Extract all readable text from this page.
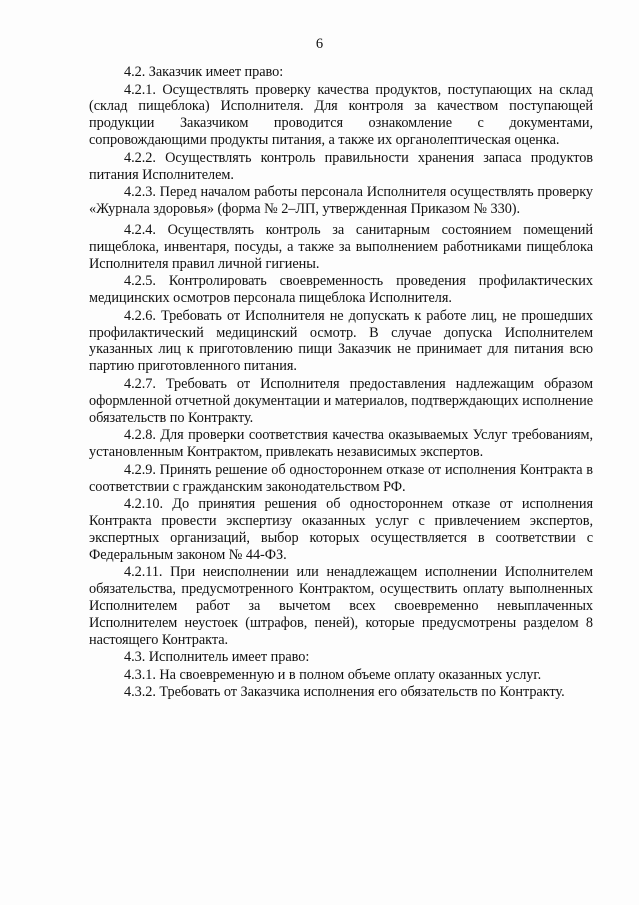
6

4.2. Заказчик имеет право:

4.2.1. Осуществлять проверку качества продуктов, поступающих на склад (склад пищеблока) Исполнителя. Для контроля за качеством поступающей продукции Заказчиком проводится ознакомление с документами, сопровождающими продукты питания, а также их органолептическая оценка.

4.2.2. Осуществлять контроль правильности хранения запаса продуктов питания Исполнителем.

4.2.3. Перед началом работы персонала Исполнителя осуществлять проверку «Журнала здоровья» (форма № 2–ЛП, утвержденная Приказом № 330).

4.2.4. Осуществлять контроль за санитарным состоянием помещений пищеблока, инвентаря, посуды, а также за выполнением работниками пищеблока Исполнителя правил личной гигиены.

4.2.5. Контролировать своевременность проведения профилактических медицинских осмотров персонала пищеблока Исполнителя.

4.2.6. Требовать от Исполнителя не допускать к работе лиц, не прошедших профилактический медицинский осмотр. В случае допуска Исполнителем указанных лиц к приготовлению пищи Заказчик не принимает для питания всю партию приготовленного питания.

4.2.7. Требовать от Исполнителя предоставления надлежащим образом оформленной отчетной документации и материалов, подтверждающих исполнение обязательств по Контракту.

4.2.8. Для проверки соответствия качества оказываемых Услуг требованиям, установленным Контрактом, привлекать независимых экспертов.

4.2.9. Принять решение об одностороннем отказе от исполнения Контракта в соответствии с гражданским законодательством РФ.

4.2.10. До принятия решения об одностороннем отказе от исполнения Контракта провести экспертизу оказанных услуг с привлечением экспертов, экспертных организаций, выбор которых осуществляется в соответствии с Федеральным законом № 44-ФЗ.

4.2.11. При неисполнении или ненадлежащем исполнении Исполнителем обязательства, предусмотренного Контрактом, осуществить оплату выполненных Исполнителем работ за вычетом всех своевременно невыплаченных Исполнителем неустоек (штрафов, пеней), которые предусмотрены разделом 8 настоящего Контракта.

4.3. Исполнитель имеет право:

4.3.1. На своевременную и в полном объеме оплату оказанных услуг.

4.3.2. Требовать от Заказчика исполнения его обязательств по Контракту.
